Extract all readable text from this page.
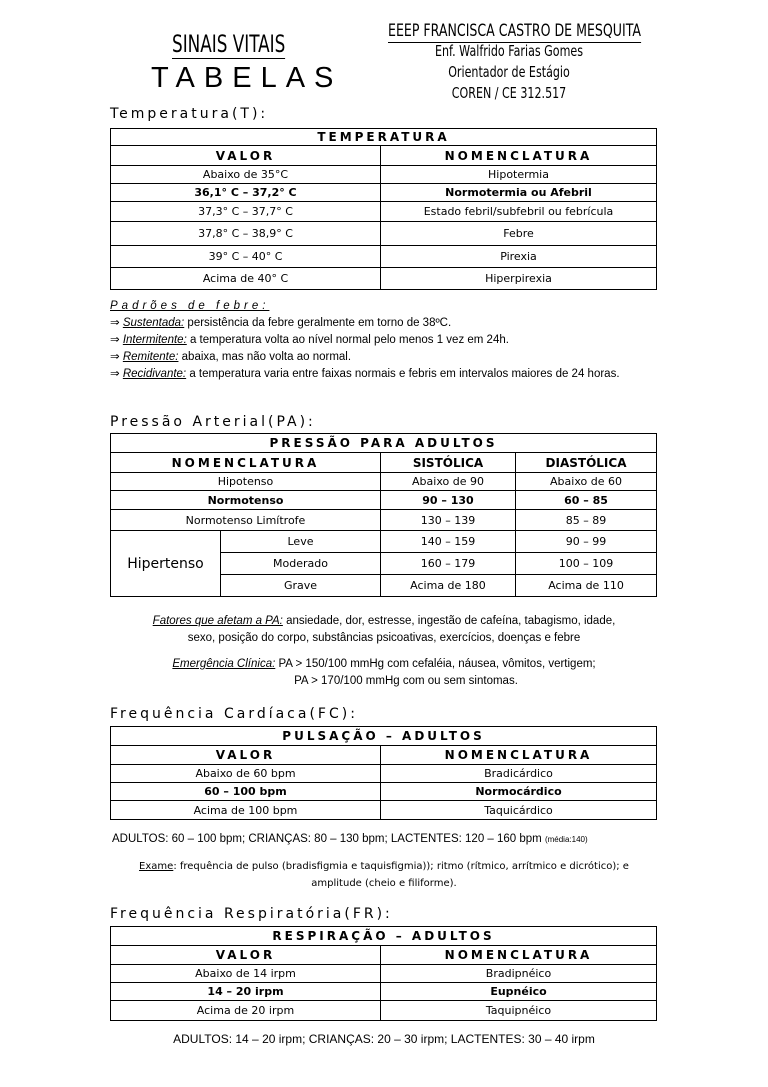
SINAIS VITAIS
TABELAS
EEEP FRANCISCA CASTRO DE MESQUITA
Enf. Walfrido Farias Gomes
Orientador de Estágio
COREN / CE 312.517
Temperatura(T):
TEMPERATURA	
VALOR	NOMENCLATURA
Abaixo de 35°C	Hipotermia
36,1° C – 37,2° C	Normotermia ou Afebril
37,3° C – 37,7° C	Estado febril/subfebril ou febrícula
37,8° C – 38,9° C	Febre
39° C – 40° C	Pirexia
Acima de 40° C	Hiperpirexia
Padrões de febre:
⇒ Sustentada: persistência da febre geralmente em torno de 38ºC.
⇒ Intermitente: a temperatura volta ao nível normal pelo menos 1 vez em 24h.
⇒ Remitente: abaixa, mas não volta ao normal.
⇒ Recidivante: a temperatura varia entre faixas normais e febris em intervalos maiores de 24 horas.
Pressão Arterial(PA):
PRESSÃO PARA ADULTOS			
NOMENCLATURA		SISTÓLICA	DIASTÓLICA
Hipotenso		Abaixo de 90	Abaixo de 60
Normotenso		90 – 130	60 – 85
Normotenso Limítrofe		130 – 139	85 – 89
Hipertenso	Leve	140 – 159	90 – 99
	Moderado	160 – 179	100 – 109
	Grave	Acima de 180	Acima de 110
Fatores que afetam a PA: ansiedade, dor, estresse, ingestão de cafeína, tabagismo, idade,
sexo, posição do corpo, substâncias psicoativas, exercícios, doenças e febre
Emergência Clínica: PA > 150/100 mmHg com cefaléia, náusea, vômitos, vertigem;
PA > 170/100 mmHg com ou sem sintomas.
Frequência Cardíaca(FC):
PULSAÇÃO – ADULTOS	
VALOR	NOMENCLATURA
Abaixo de 60 bpm	Bradicárdico
60 – 100 bpm	Normocárdico
Acima de 100 bpm	Taquicárdico
ADULTOS: 60 – 100 bpm; CRIANÇAS: 80 – 130 bpm; LACTENTES: 120 – 160 bpm (média:140)
Exame: frequência de pulso (bradisfigmia e taquisfigmia)); ritmo (rítmico, arrítmico e dicrótico); e
amplitude (cheio e filiforme).
Frequência Respiratória(FR):
RESPIRAÇÃO – ADULTOS	
VALOR	NOMENCLATURA
Abaixo de 14 irpm	Bradipnéico
14 – 20 irpm	Eupnéico
Acima de 20 irpm	Taquipnéico
ADULTOS: 14 – 20 irpm; CRIANÇAS: 20 – 30 irpm; LACTENTES: 30 – 40 irpm
